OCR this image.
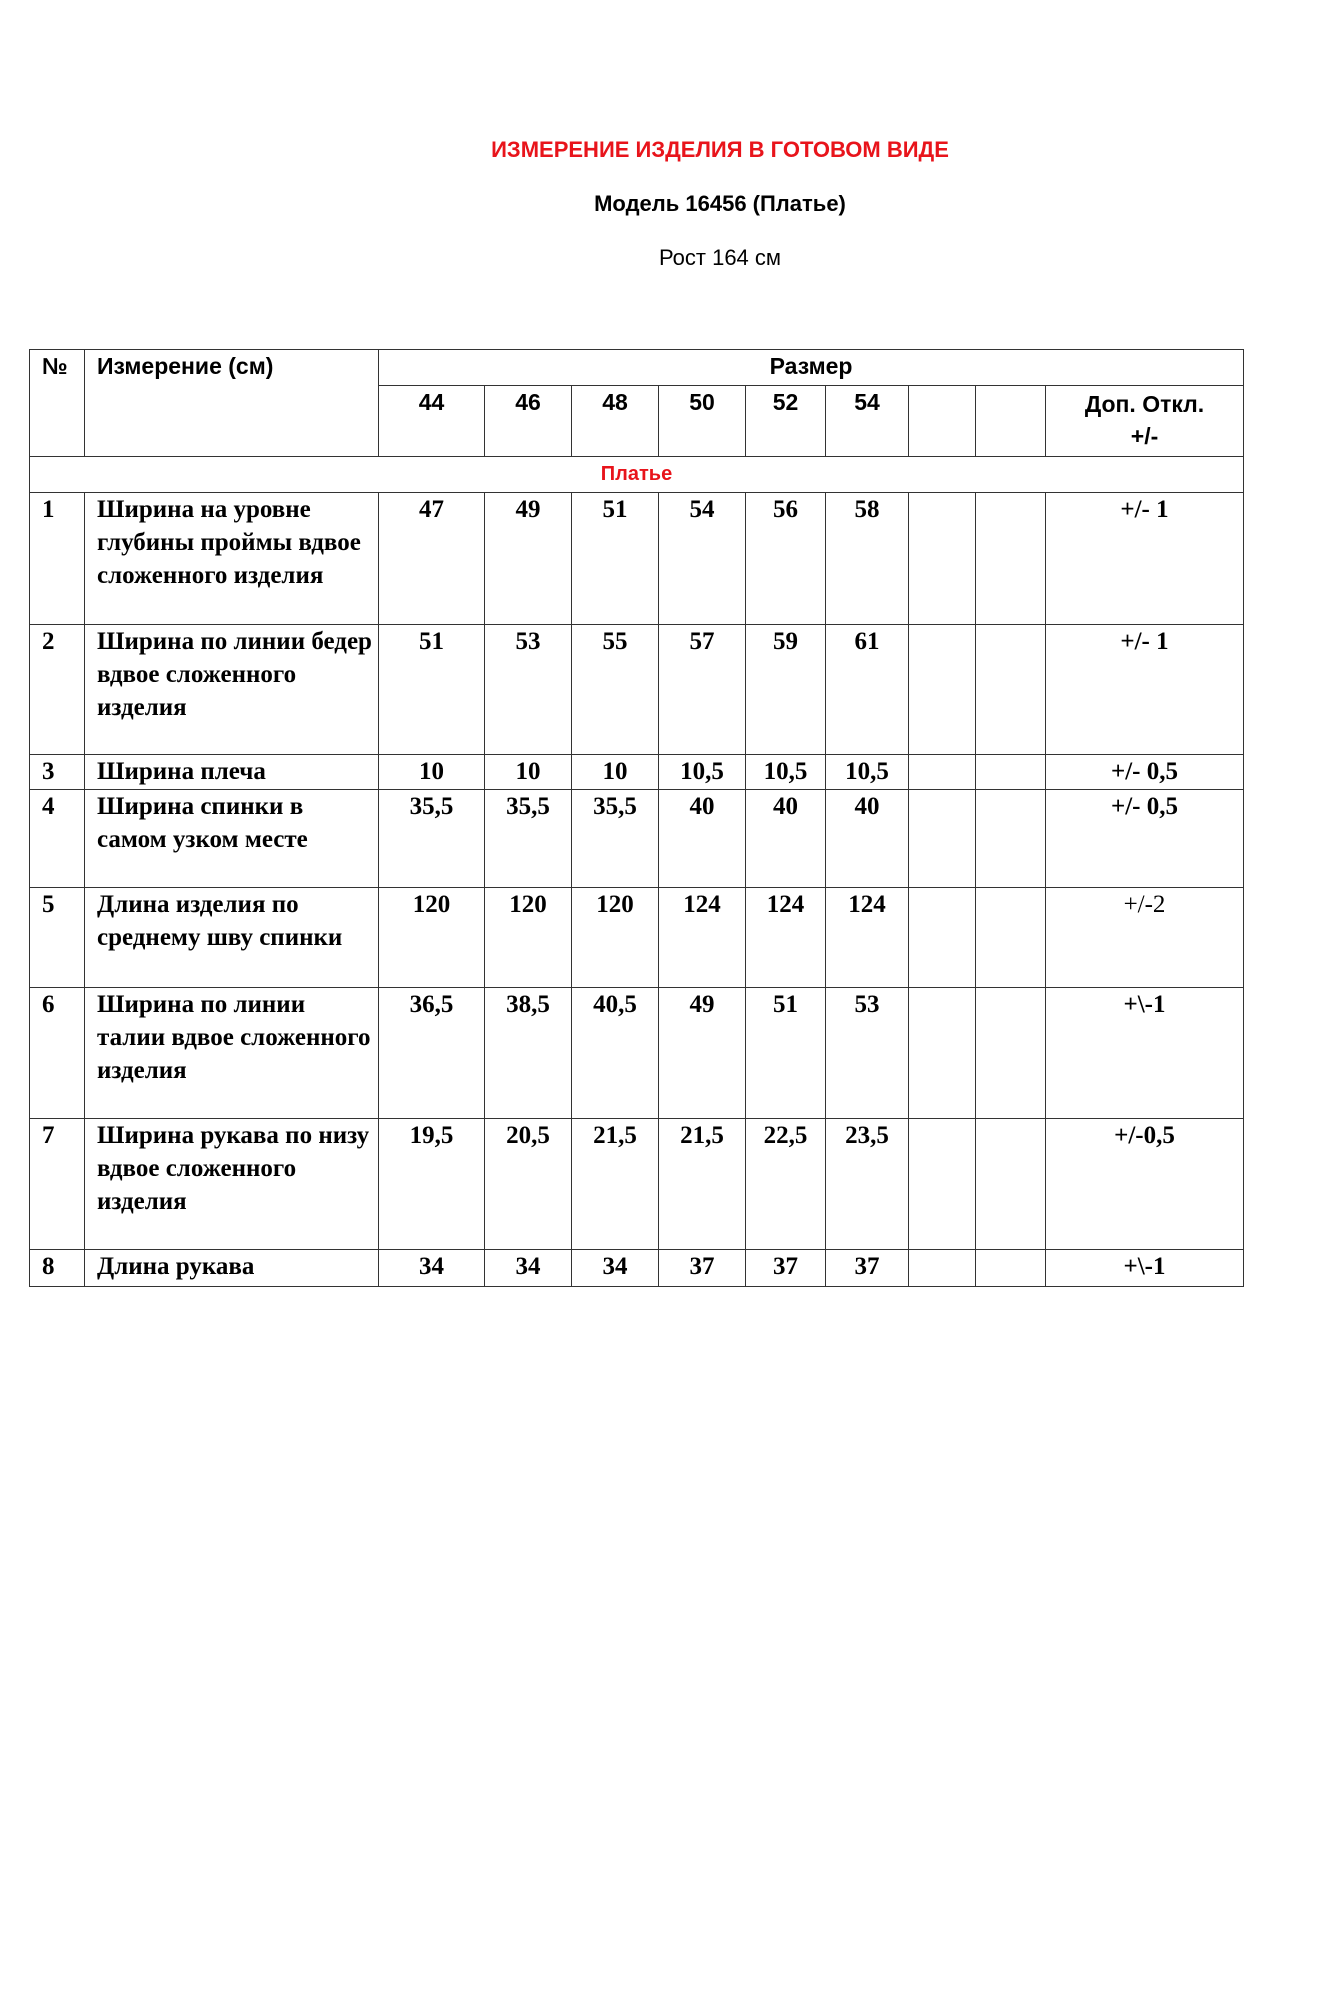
ИЗМЕРЕНИЕ ИЗДЕЛИЯ В ГОТОВОМ ВИДЕ
Модель 16456 (Платье)
Рост 164 см
№	Измерение (см)	Размер								
		44	46	48	50	52	54			Доп. Откл.
+/-

Платье										
1	Ширина на уровне глубины проймы вдвое сложенного изделия	47	49	51	54	56	58			+/- 1
2	Ширина по линии бедер вдвое сложенного изделия	51	53	55	57	59	61			+/- 1
3	Ширина плеча	10	10	10	10,5	10,5	10,5			+/- 0,5
4	Ширина спинки в самом узком месте	35,5	35,5	35,5	40	40	40			+/- 0,5
5	Длина изделия по среднему шву спинки	120	120	120	124	124	124			+/-2
6	Ширина по линии талии вдвое сложенного изделия	36,5	38,5	40,5	49	51	53			+\-1
7	Ширина рукава по низу вдвое сложенного изделия	19,5	20,5	21,5	21,5	22,5	23,5			+/-0,5
8	Длина рукава	34	34	34	37	37	37			+\-1
